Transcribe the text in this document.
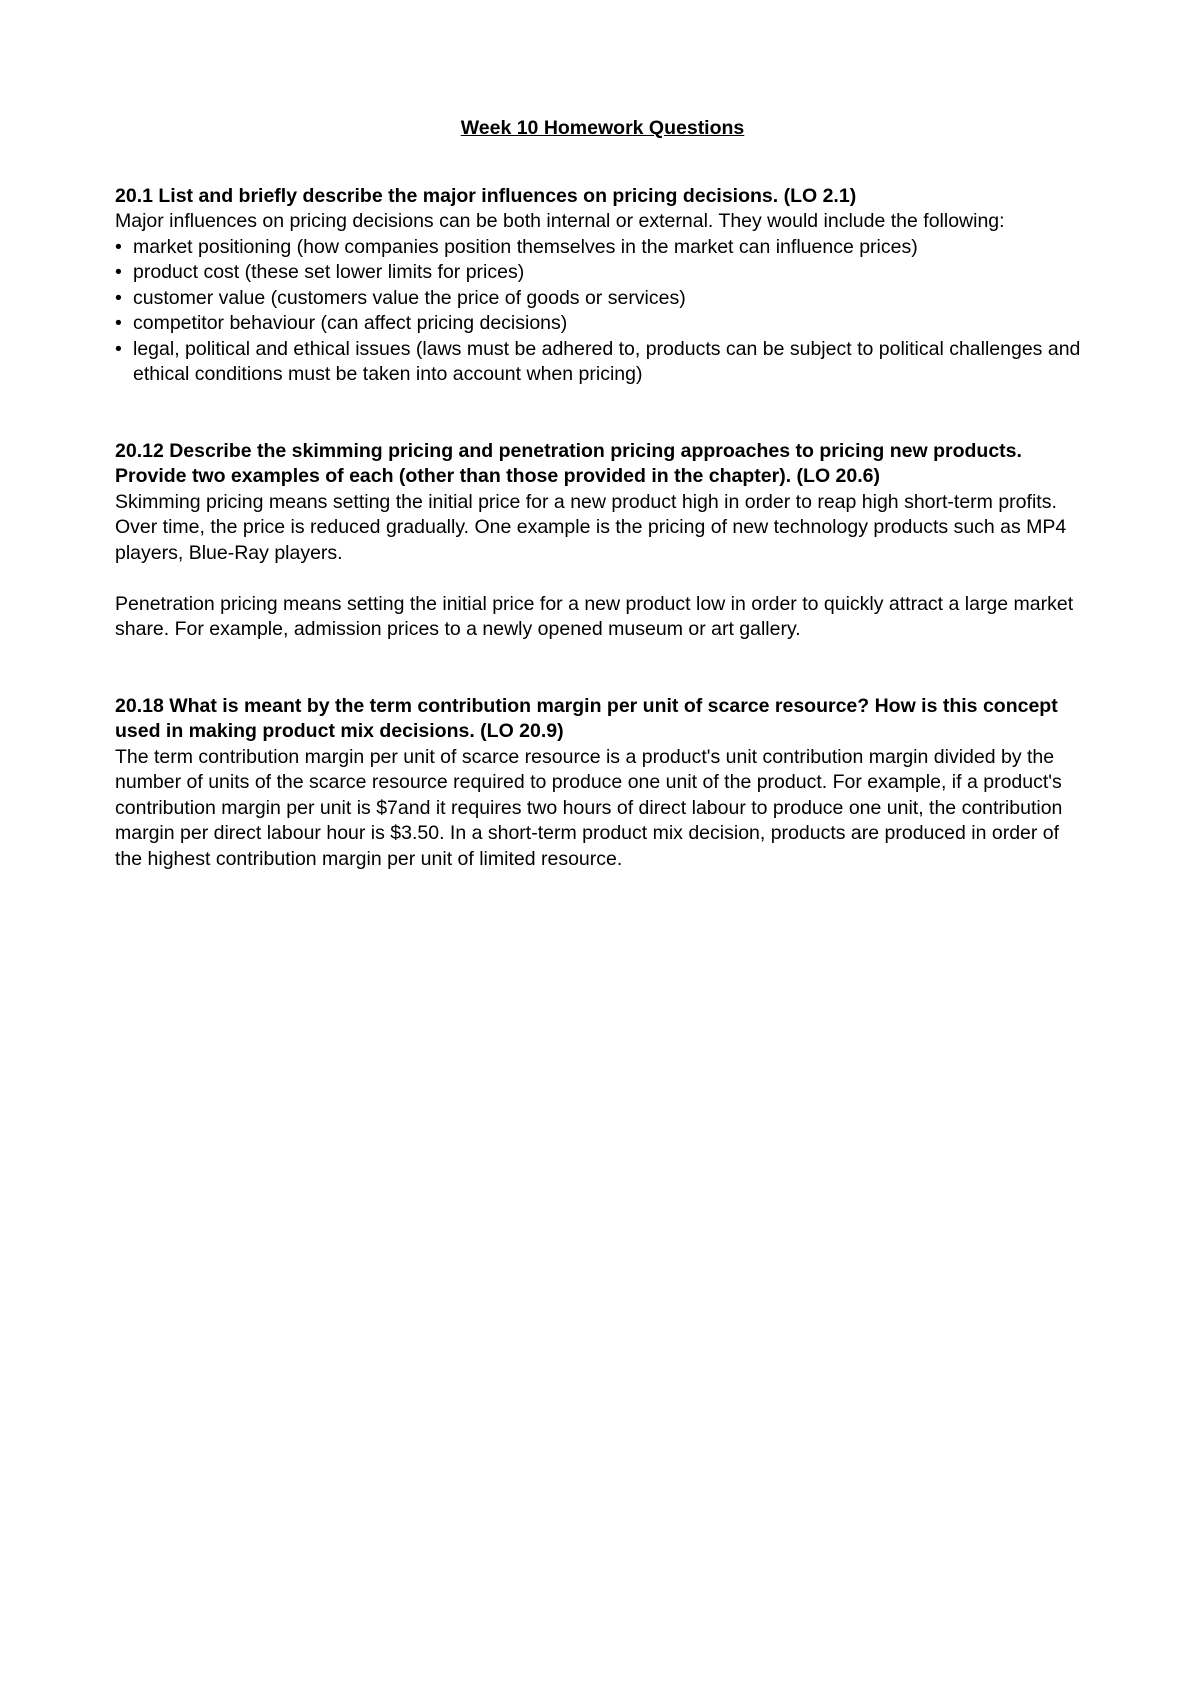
Week 10 Homework Questions

20.1 List and briefly describe the major influences on pricing decisions. (LO 2.1)

Major influences on pricing decisions can be both internal or external. They would include the following:

• market positioning (how companies position themselves in the market can influence prices)
• product cost (these set lower limits for prices)
• customer value (customers value the price of goods or services)
• competitor behaviour (can affect pricing decisions)
• legal, political and ethical issues (laws must be adhered to, products can be subject to political challenges and ethical conditions must be taken into account when pricing)

20.12 Describe the skimming pricing and penetration pricing approaches to pricing new products. Provide two examples of each (other than those provided in the chapter). (LO 20.6)

Skimming pricing means setting the initial price for a new product high in order to reap high short-term profits. Over time, the price is reduced gradually. One example is the pricing of new technology products such as MP4 players, Blue-Ray players.

Penetration pricing means setting the initial price for a new product low in order to quickly attract a large market share. For example, admission prices to a newly opened museum or art gallery.

20.18 What is meant by the term contribution margin per unit of scarce resource? How is this concept used in making product mix decisions. (LO 20.9)

The term contribution margin per unit of scarce resource is a product's unit contribution margin divided by the number of units of the scarce resource required to produce one unit of the product. For example, if a product's contribution margin per unit is $7and it requires two hours of direct labour to produce one unit, the contribution margin per direct labour hour is $3.50. In a short-term product mix decision, products are produced in order of the highest contribution margin per unit of limited resource.
